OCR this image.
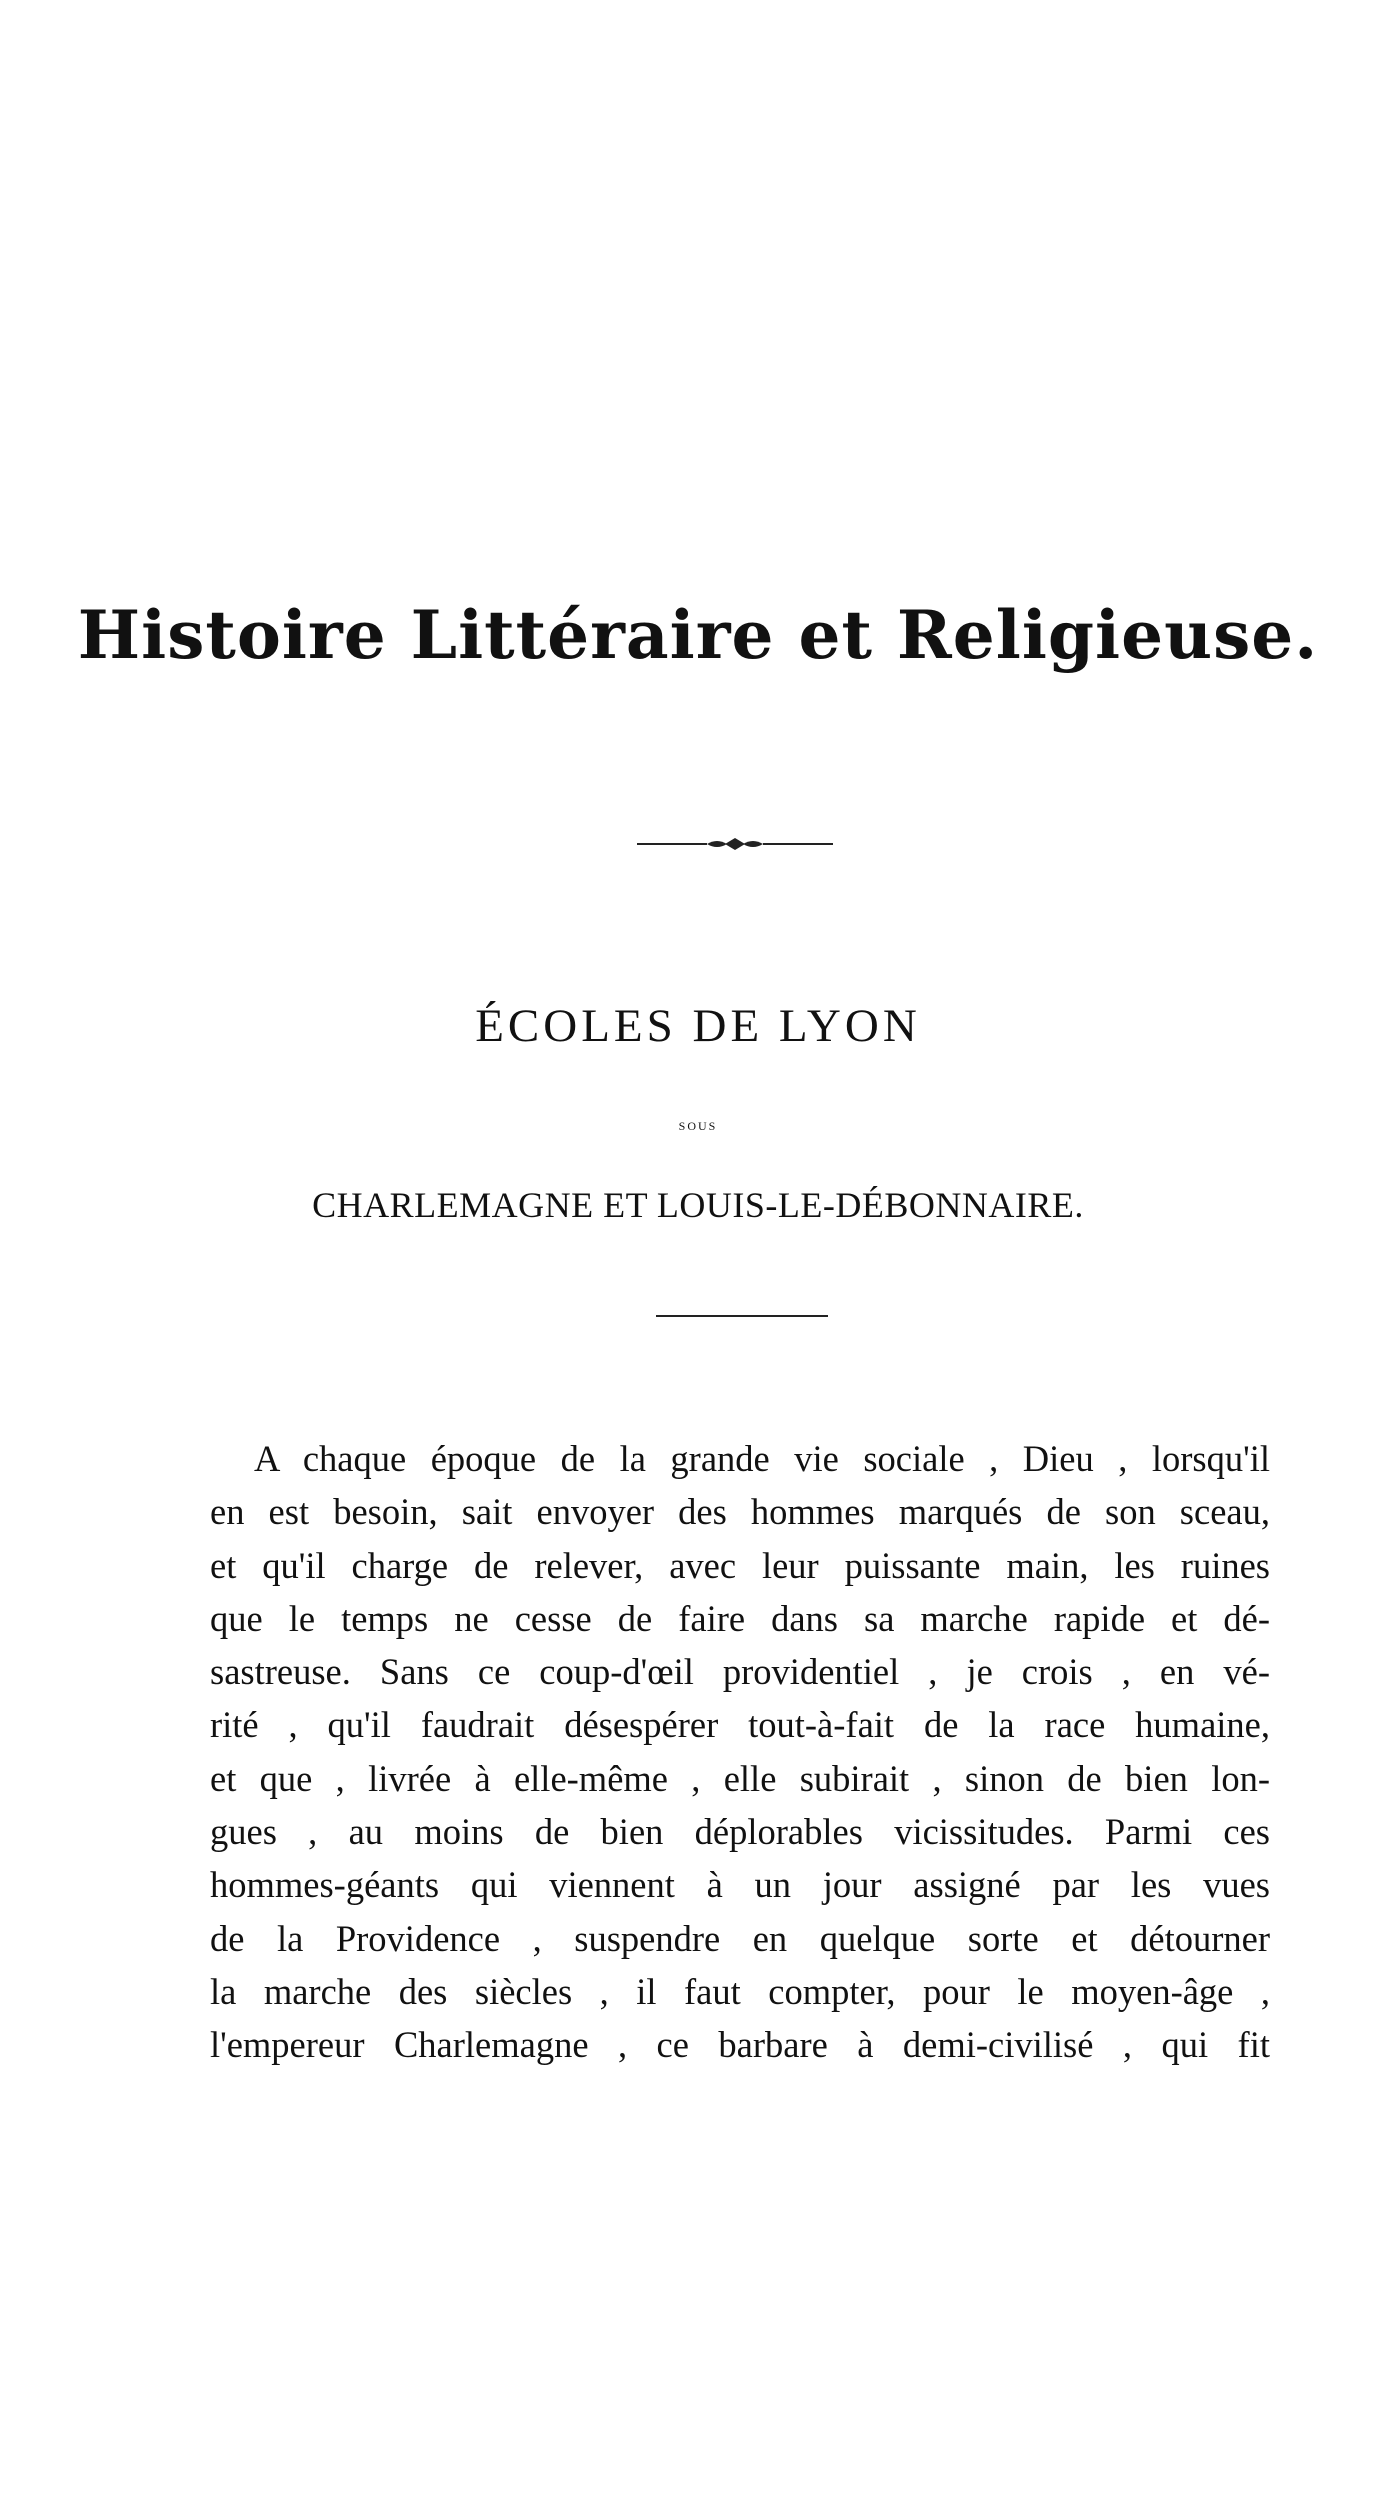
Histoire Littéraire et Religieuse.
ÉCOLES DE LYON
sous
CHARLEMAGNE ET LOUIS-LE-DÉBONNAIRE.
A chaque époque de la grande vie sociale , Dieu , lorsqu'il
en est besoin, sait envoyer des hommes marqués de son sceau,
et qu'il charge de relever, avec leur puissante main, les ruines
que le temps ne cesse de faire dans sa marche rapide et dé-
sastreuse. Sans ce coup-d'œil providentiel , je crois , en vé-
rité , qu'il faudrait désespérer tout-à-fait de la race humaine,
et que , livrée à elle-même , elle subirait , sinon de bien lon-
gues , au moins de bien déplorables vicissitudes. Parmi ces
hommes-géants qui viennent à un jour assigné par les vues
de la Providence , suspendre en quelque sorte et détourner
la marche des siècles , il faut compter, pour le moyen-âge ,
l'empereur Charlemagne , ce barbare à demi-civilisé , qui fit
